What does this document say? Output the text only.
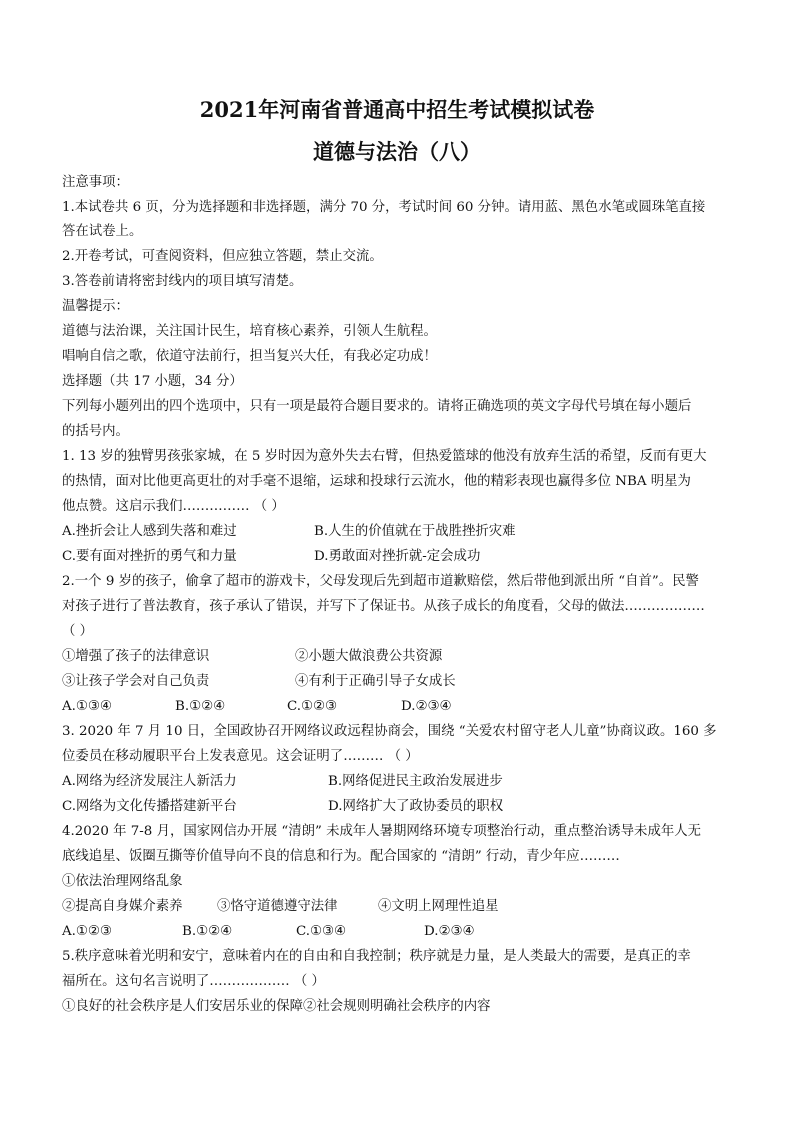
2021年河南省普通高中招生考试模拟试卷
道德与法治（八）
注意事项：
1.本试卷共 6 页，分为选择题和非选择题，满分 70 分，考试时间 60 分钟。请用蓝、黑色水笔或圆珠笔直接
答在试卷上。
2.开卷考试，可查阅资料，但应独立答题，禁止交流。
3.答卷前请将密封线内的项目填写清楚。
温馨提示：
道德与法治课，关注国计民生，培育核心素养，引领人生航程。
唱响自信之歌，依道守法前行，担当复兴大任，有我必定功成！
选择题（共 17 小题，34 分）
下列每小题列出的四个选项中，只有一项是最符合题目要求的。请将正确选项的英文字母代号填在每小题后
的括号内。
1. 13 岁的独臂男孩张家城，在 5 岁时因为意外失去右臂，但热爱篮球的他没有放弃生活的希望，反而有更大
的热情，面对比他更高更壮的对手毫不退缩，运球和投球行云流水，他的精彩表现也赢得多位 NBA 明星为
他点赞。这启示我们…………… （ ）
A.挫折会让人感到失落和难过	B.人生的价值就在于战胜挫折灾难
C.要有面对挫折的勇气和力量	D.勇敢面对挫折就-定会成功
2.一个 9 岁的孩子，偷拿了超市的游戏卡，父母发现后先到超市道歉赔偿，然后带他到派出所 “自首”。民警
对孩子进行了普法教育，孩子承认了错误，并写下了保证书。从孩子成长的角度看，父母的做法………………
（ ）
①增强了孩子的法律意识	②小题大做浪费公共资源
③让孩子学会对自己负责	④有利于正确引导子女成长
A.①③④	B.①②④	C.①②③	D.②③④
3. 2020 年 7 月 10 日，全国政协召开网络议政远程协商会，围绕 “关爱农村留守老人儿童”协商议政。160 多
位委员在移动履职平台上发表意见。这会证明了……… （ ）
A.网络为经济发展注人新活力	B.网络促进民主政治发展进步
C.网络为文化传播搭建新平台	D.网络扩大了政协委员的职权
4.2020 年 7-8 月，国家网信办开展 “清朗” 未成年人暑期网络环境专项整治行动，重点整治诱导未成年人无
底线追星、饭圈互撕等价值导向不良的信息和行为。配合国家的 “清朗” 行动，青少年应………
①依法治理网络乱象
②提高自身媒介素养	③恪守道德遵守法律	④文明上网理性追星
A.①②③	B.①②④	C.①③④	D.②③④
5.秩序意味着光明和安宁，意味着内在的自由和自我控制；秩序就是力量，是人类最大的需要，是真正的幸
福所在。这句名言说明了……………… （ ）
①良好的社会秩序是人们安居乐业的保障②社会规则明确社会秩序的内容
